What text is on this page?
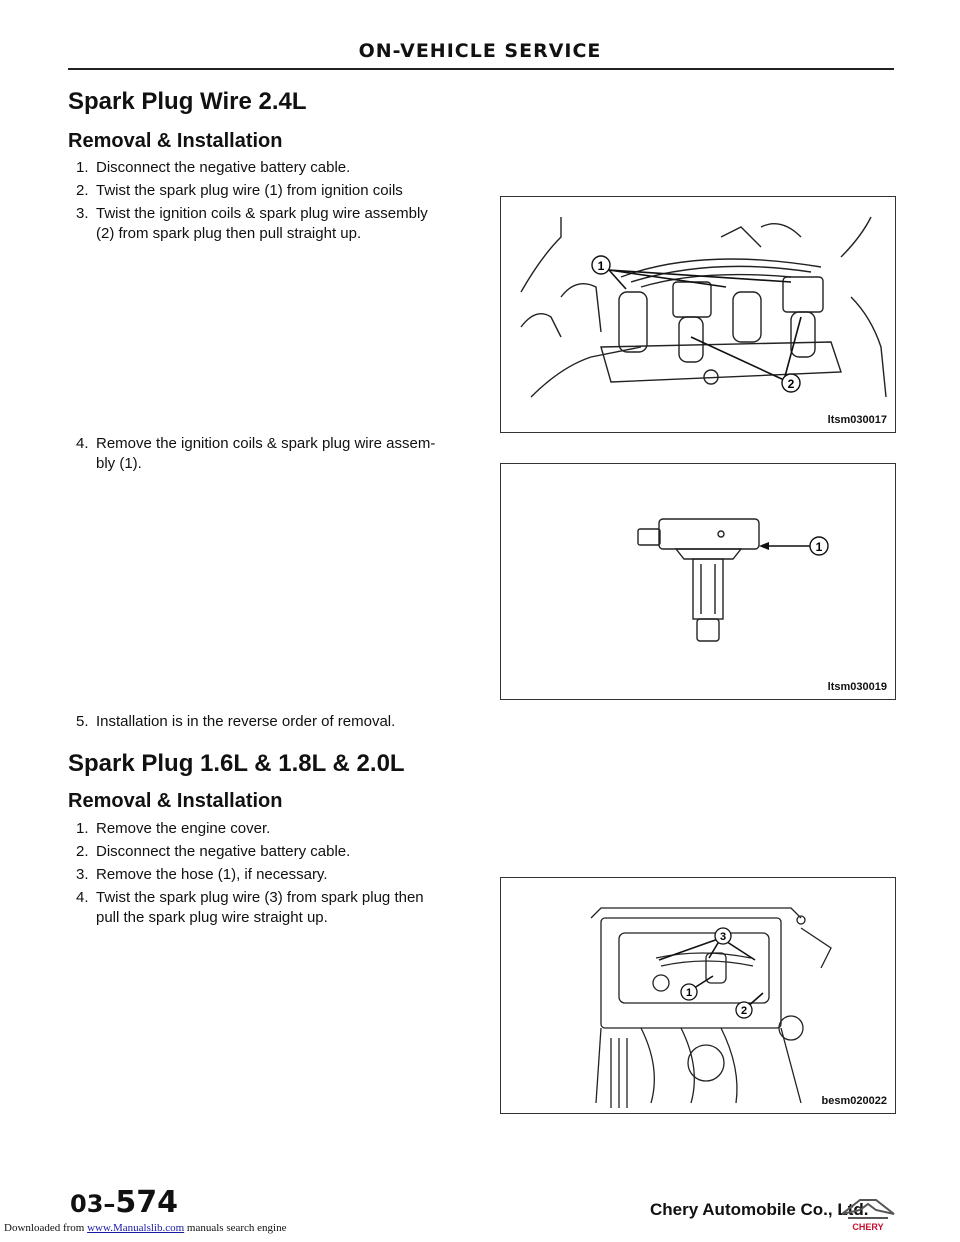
ON-VEHICLE SERVICE
Spark Plug Wire 2.4L
Removal & Installation
1. Disconnect the negative battery cable.
2. Twist the spark plug wire (1) from ignition coils
3. Twist the ignition coils & spark plug wire assembly
(2) from spark plug then pull straight up.
4. Remove the ignition coils & spark plug wire assem-
bly (1).
5. Installation is in the reverse order of removal.
Spark Plug 1.6L & 1.8L & 2.0L
Removal & Installation
1. Remove the engine cover.
2. Disconnect the negative battery cable.
3. Remove the hose (1), if necessary.
4. Twist the spark plug wire (3) from spark plug then
pull the spark plug wire straight up.
1
2
ltsm030017
1
ltsm030019
3
1
2
besm020022
03–574	Chery Automobile Co., Ltd.
CHERY
Downloaded from www.Manualslib.com manuals search engine
